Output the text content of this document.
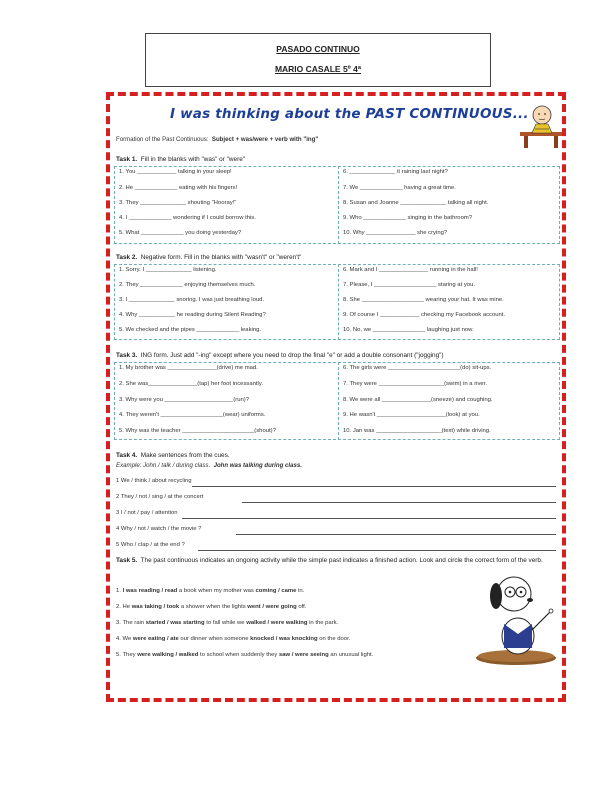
PASADO CONTINUO
MARIO CASALE 5º 4ª
I was thinking about the PAST CONTINUOUS...
Formation of the Past Continuous: Subject + was/were + verb with "ing"
Task 1. Fill in the blanks with "was" or "were"
1. You ____________ talking in your sleep!
2. He _____________ eating with his fingers!
3. They ______________ shouting "Hooray!"
4. I _____________ wondering if I could borrow this.
5. What _____________ you doing yesterday?
6. ______________ it raining last night?
7. We _____________ having a great time.
8. Susan and Joanne ______________ talking all night.
9. Who _____________ singing in the bathroom?
10. Why _______________ she crying?
Task 2. Negative form. Fill in the blanks with "wasn't" or "weren't"
1. Sorry. I ______________ listening.
2. They _____________ enjoying themselves much.
3. I ______________ snoring. I was just breathing loud.
4. Why ___________ he reading during Silent Reading?
5. We checked and the pipes _____________ leaking.
6. Mark and I _______________ running in the hall!
7. Please, I ___________________ staring at you.
8. She ___________________ wearing your hat. It was mine.
9. Of course I ____________ checking my Facebook account.
10. No, we ________________ laughing just now.
Task 3. ING form. Just add "-ing" except where you need to drop the final "e" or add a double consonant ("jogging")
1. My brother was _______________(drive) me mad.
2. She was_______________(tap) her foot incessantly.
3. Why were you _____________________(run)?
4. They weren't ___________________(wear) uniforms.
5. Why was the teacher ______________________(shout)?
6. The girls were ______________________(do) sit-ups.
7. They were ____________________(swim) in a river.
8. We were all _______________(sneeze) and coughing.
9. He wasn't _____________________(look) at you.
10. Jan was ____________________(text) while driving.
Task 4. Make sentences from the cues.
Example: John / talk / during class. John was talking during class.
1 We / think / about recycling
2 They / not / sing / at the concert
3 I / not / pay / attention
4 Why / not / watch / the movie ?
5 Who / clap / at the end ?
Task 5. The past continuous indicates an ongoing activity while the simple past indicates a finished action. Look and circle the correct form of the verb.
1. I was reading / read a book when my mother was coming / came in.
2. He was taking / took a shower when the lights went / were going off.
3. The rain started / was starting to fall while we walked / were walking in the park.
4. We were eating / ate our dinner when someone knocked / was knocking on the door.
5. They were walking / walked to school when suddenly they saw / were seeing an unusual light.
